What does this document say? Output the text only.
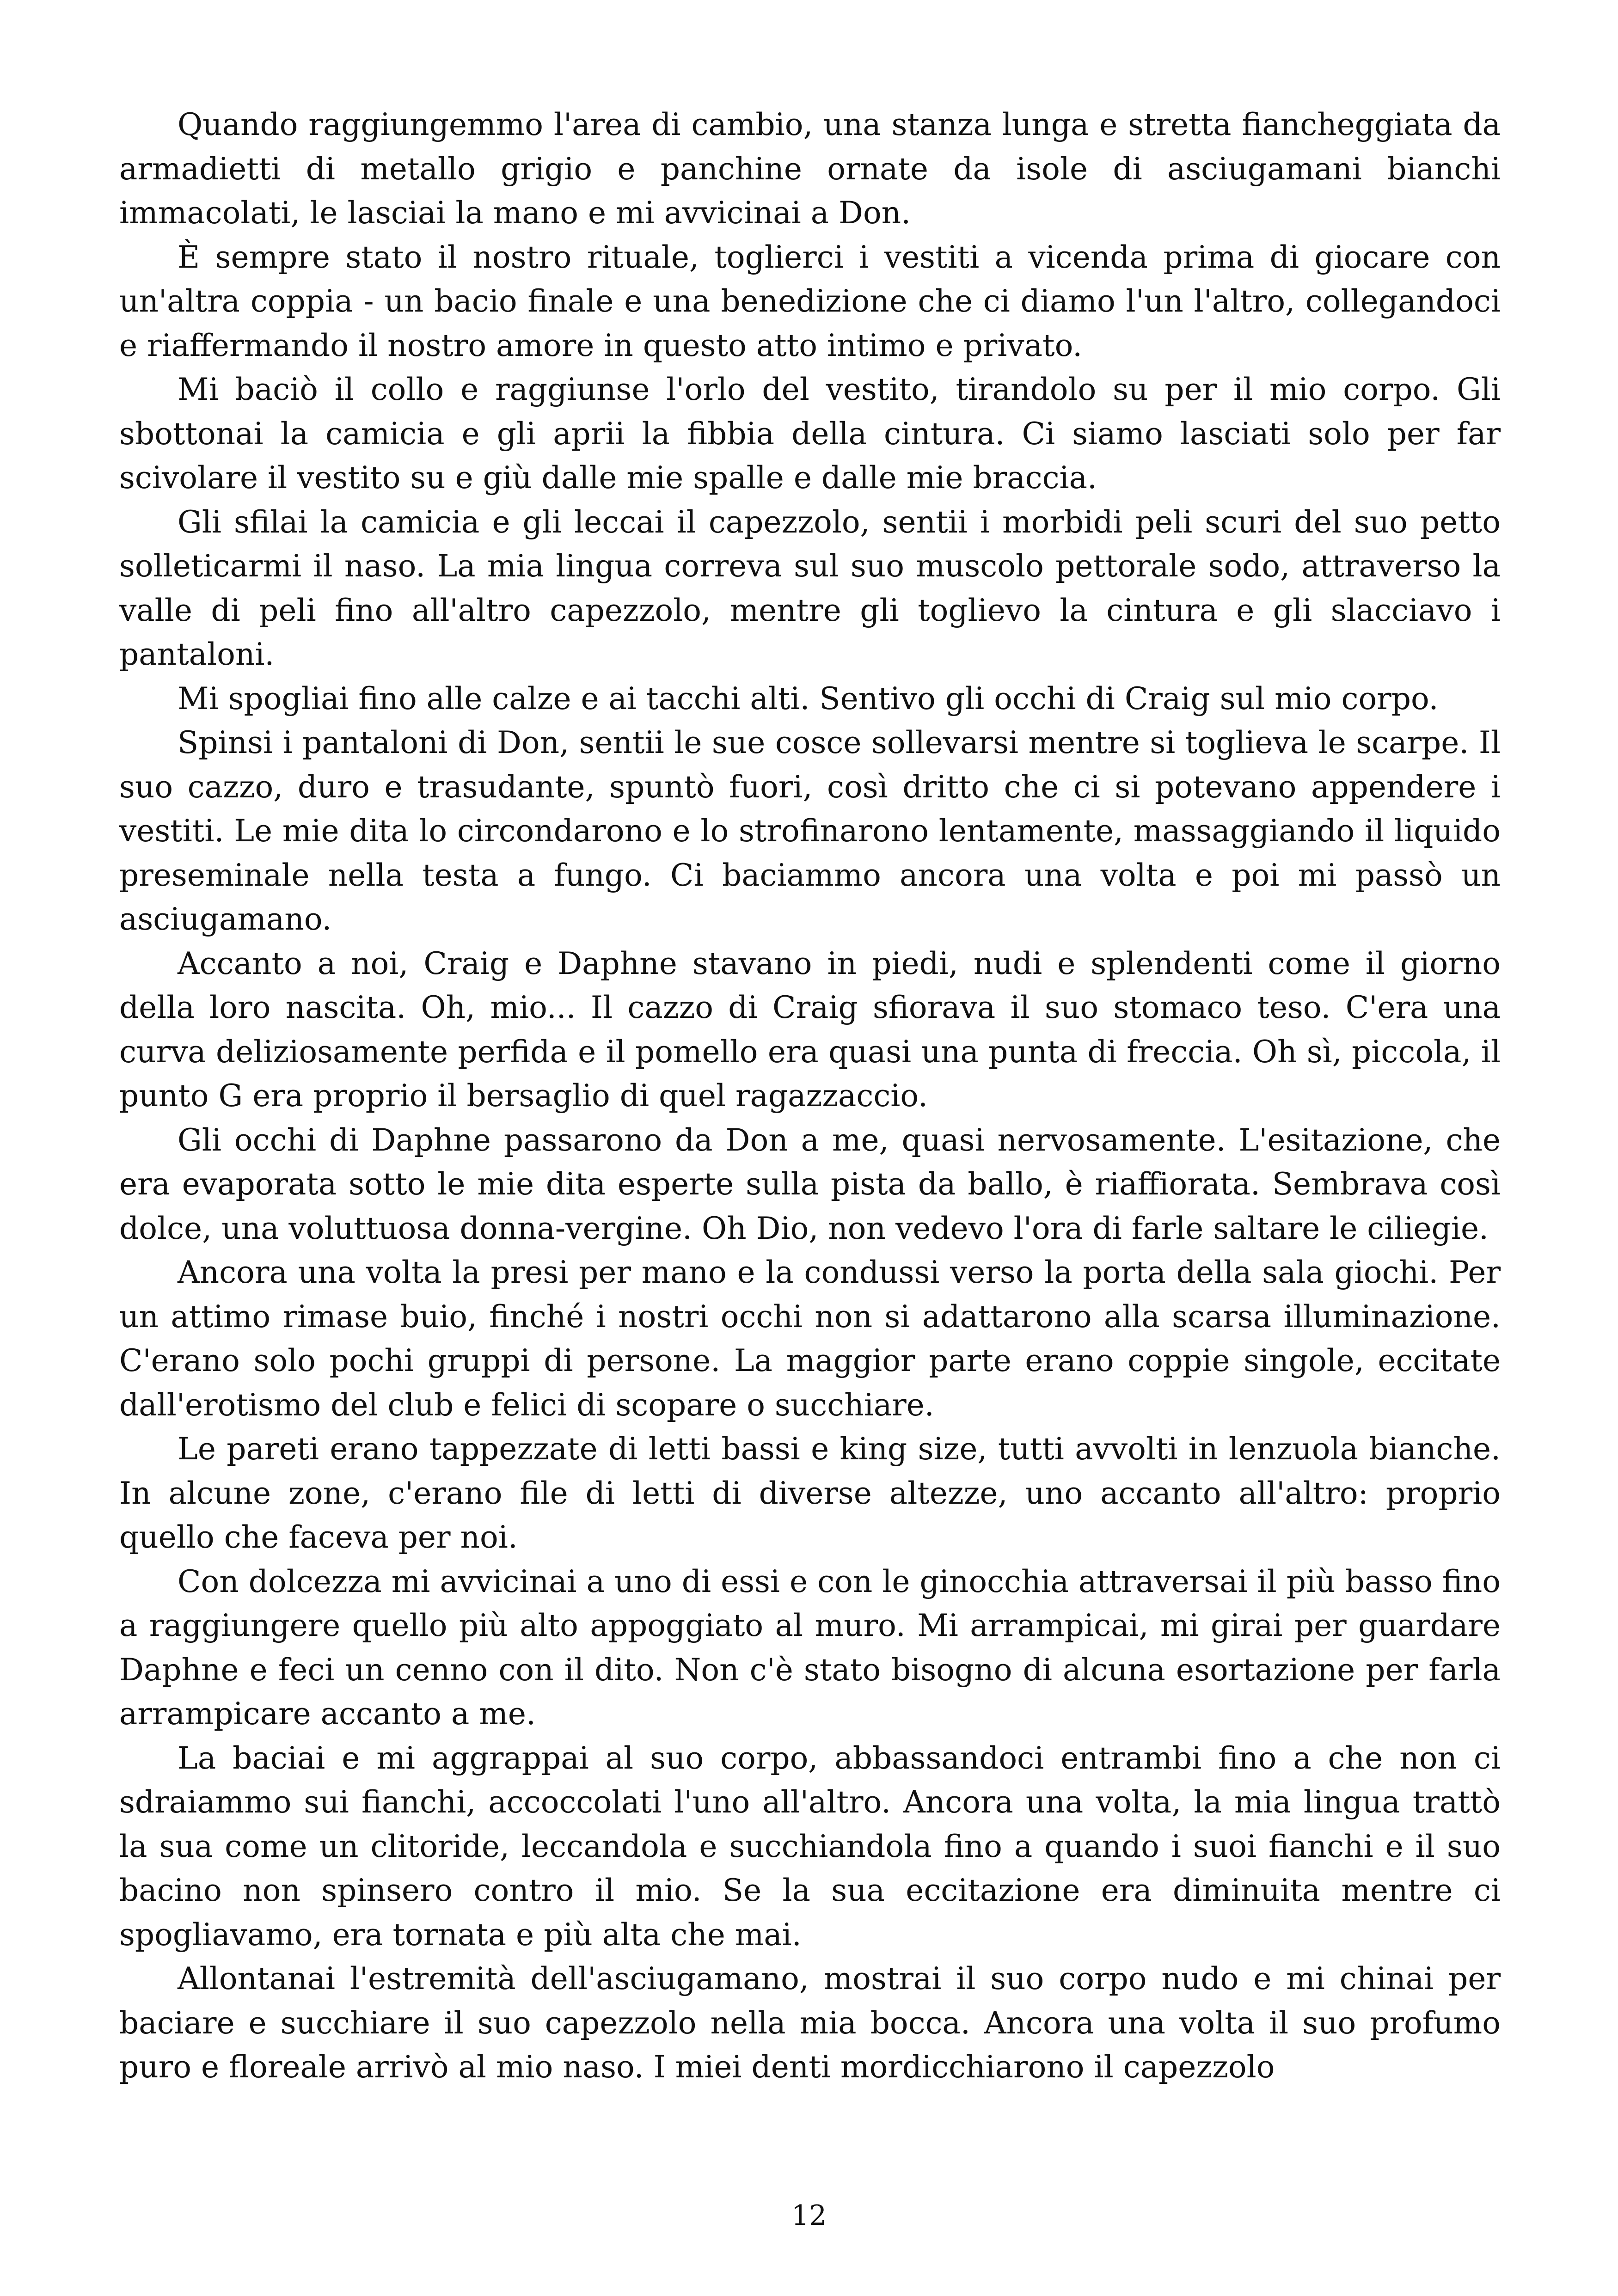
Quando raggiungemmo l'area di cambio, una stanza lunga e stretta fiancheggiata da armadietti di metallo grigio e panchine ornate da isole di asciugamani bianchi immacolati, le lasciai la mano e mi avvicinai a Don.

È sempre stato il nostro rituale, toglierci i vestiti a vicenda prima di giocare con un'altra coppia - un bacio finale e una benedizione che ci diamo l'un l'altro, collegandoci e riaffermando il nostro amore in questo atto intimo e privato.

Mi baciò il collo e raggiunse l'orlo del vestito, tirandolo su per il mio corpo. Gli sbottonai la camicia e gli aprii la fibbia della cintura. Ci siamo lasciati solo per far scivolare il vestito su e giù dalle mie spalle e dalle mie braccia.

Gli sfilai la camicia e gli leccai il capezzolo, sentii i morbidi peli scuri del suo petto solleticarmi il naso. La mia lingua correva sul suo muscolo pettorale sodo, attraverso la valle di peli fino all'altro capezzolo, mentre gli toglievo la cintura e gli slacciavo i pantaloni.

Mi spogliai fino alle calze e ai tacchi alti. Sentivo gli occhi di Craig sul mio corpo.

Spinsi i pantaloni di Don, sentii le sue cosce sollevarsi mentre si toglieva le scarpe. Il suo cazzo, duro e trasudante, spuntò fuori, così dritto che ci si potevano appendere i vestiti. Le mie dita lo circondarono e lo strofinarono lentamente, massaggiando il liquido preseminale nella testa a fungo. Ci baciammo ancora una volta e poi mi passò un asciugamano.

Accanto a noi, Craig e Daphne stavano in piedi, nudi e splendenti come il giorno della loro nascita. Oh, mio... Il cazzo di Craig sfiorava il suo stomaco teso. C'era una curva deliziosamente perfida e il pomello era quasi una punta di freccia. Oh sì, piccola, il punto G era proprio il bersaglio di quel ragazzaccio.

Gli occhi di Daphne passarono da Don a me, quasi nervosamente. L'esitazione, che era evaporata sotto le mie dita esperte sulla pista da ballo, è riaffiorata. Sembrava così dolce, una voluttuosa donna-vergine. Oh Dio, non vedevo l'ora di farle saltare le ciliegie.

Ancora una volta la presi per mano e la condussi verso la porta della sala giochi. Per un attimo rimase buio, finché i nostri occhi non si adattarono alla scarsa illuminazione. C'erano solo pochi gruppi di persone. La maggior parte erano coppie singole, eccitate dall'erotismo del club e felici di scopare o succhiare.

Le pareti erano tappezzate di letti bassi e king size, tutti avvolti in lenzuola bianche. In alcune zone, c'erano file di letti di diverse altezze, uno accanto all'altro: proprio quello che faceva per noi.

Con dolcezza mi avvicinai a uno di essi e con le ginocchia attraversai il più basso fino a raggiungere quello più alto appoggiato al muro. Mi arrampicai, mi girai per guardare Daphne e feci un cenno con il dito. Non c'è stato bisogno di alcuna esortazione per farla arrampicare accanto a me.

La baciai e mi aggrappai al suo corpo, abbassandoci entrambi fino a che non ci sdraiammo sui fianchi, accoccolati l'uno all'altro. Ancora una volta, la mia lingua trattò la sua come un clitoride, leccandola e succhiandola fino a quando i suoi fianchi e il suo bacino non spinsero contro il mio. Se la sua eccitazione era diminuita mentre ci spogliavamo, era tornata e più alta che mai.

Allontanai l'estremità dell'asciugamano, mostrai il suo corpo nudo e mi chinai per baciare e succhiare il suo capezzolo nella mia bocca. Ancora una volta il suo profumo puro e floreale arrivò al mio naso. I miei denti mordicchiarono il capezzolo

12
